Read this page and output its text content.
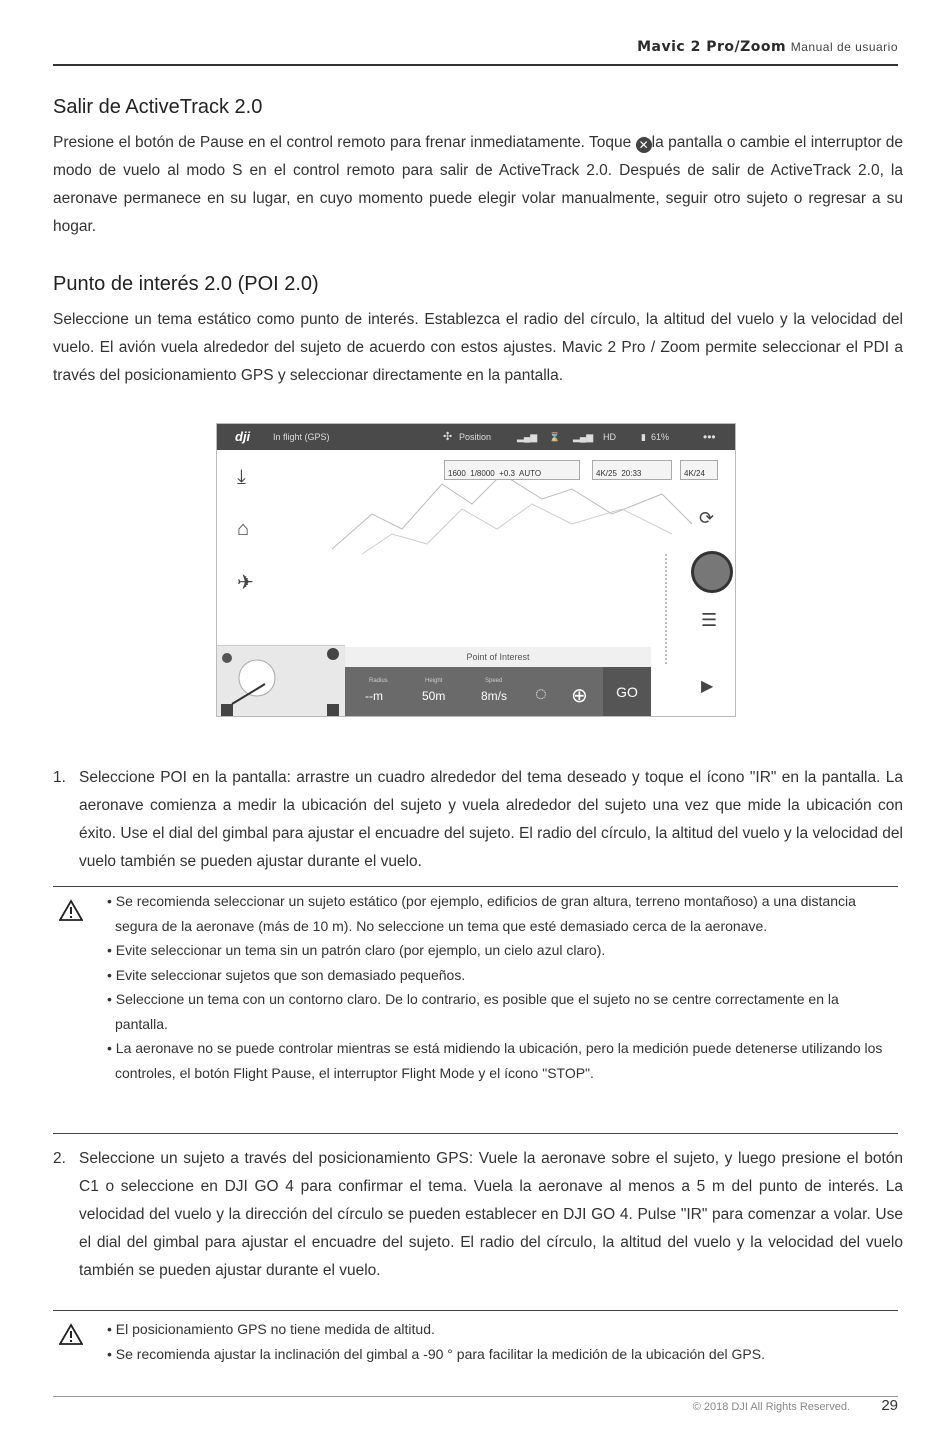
Mavic 2 Pro/Zoom Manual de usuario
Salir de ActiveTrack 2.0

Presione el botón de Pause en el control remoto para frenar inmediatamente. Toque ✕ la pantalla o cambie el interruptor de modo de vuelo al modo S en el control remoto para salir de ActiveTrack 2.0. Después de salir de ActiveTrack 2.0, la aeronave permanece en su lugar, en cuyo momento puede elegir volar manualmente, seguir otro sujeto o regresar a su hogar.

Punto de interés 2.0 (POI 2.0)

Seleccione un tema estático como punto de interés. Establezca el radio del círculo, la altitud del vuelo y la velocidad del vuelo. El avión vuela alrededor del sujeto de acuerdo con estos ajustes. Mavic 2 Pro / Zoom permite seleccionar el PDI a través del posicionamiento GPS y seleccionar directamente en la pantalla.

dji	In flight (GPS)	✣ Position	▂▄▆ ⌛ ▂▄▆ HD	▮ 61%	•••
1600 1/8000 +0.3 AUTO	4K/25 20:33	4K/24
⤓
⌂
✈
⟳
☰
▶
Point of Interest
Radius
--m
Height
50m
Speed
8m/s ◌ ⊕	GO
1. Seleccione POI en la pantalla: arrastre un cuadro alrededor del tema deseado y toque el ícono "IR" en la pantalla. La aeronave comienza a medir la ubicación del sujeto y vuela alrededor del sujeto una vez que mide la ubicación con éxito. Use el dial del gimbal para ajustar el encuadre del sujeto. El radio del círculo, la altitud del vuelo y la velocidad del vuelo también se pueden ajustar durante el vuelo.
• Se recomienda seleccionar un sujeto estático (por ejemplo, edificios de gran altura, terreno montañoso) a una distancia segura de la aeronave (más de 10 m). No seleccione un tema que esté demasiado cerca de la aeronave.
• Evite seleccionar un tema sin un patrón claro (por ejemplo, un cielo azul claro).
• Evite seleccionar sujetos que son demasiado pequeños.
• Seleccione un tema con un contorno claro. De lo contrario, es posible que el sujeto no se centre correctamente en la pantalla.
• La aeronave no se puede controlar mientras se está midiendo la ubicación, pero la medición puede detenerse utilizando los controles, el botón Flight Pause, el interruptor Flight Mode y el ícono "STOP".
2. Seleccione un sujeto a través del posicionamiento GPS: Vuele la aeronave sobre el sujeto, y luego presione el botón C1 o seleccione en DJI GO 4 para confirmar el tema. Vuela la aeronave al menos a 5 m del punto de interés. La velocidad del vuelo y la dirección del círculo se pueden establecer en DJI GO 4. Pulse "IR" para comenzar a volar. Use el dial del gimbal para ajustar el encuadre del sujeto. El radio del círculo, la altitud del vuelo y la velocidad del vuelo también se pueden ajustar durante el vuelo.
• El posicionamiento GPS no tiene medida de altitud.
• Se recomienda ajustar la inclinación del gimbal a -90 ° para facilitar la medición de la ubicación del GPS.
© 2018 DJI All Rights Reserved. 29
